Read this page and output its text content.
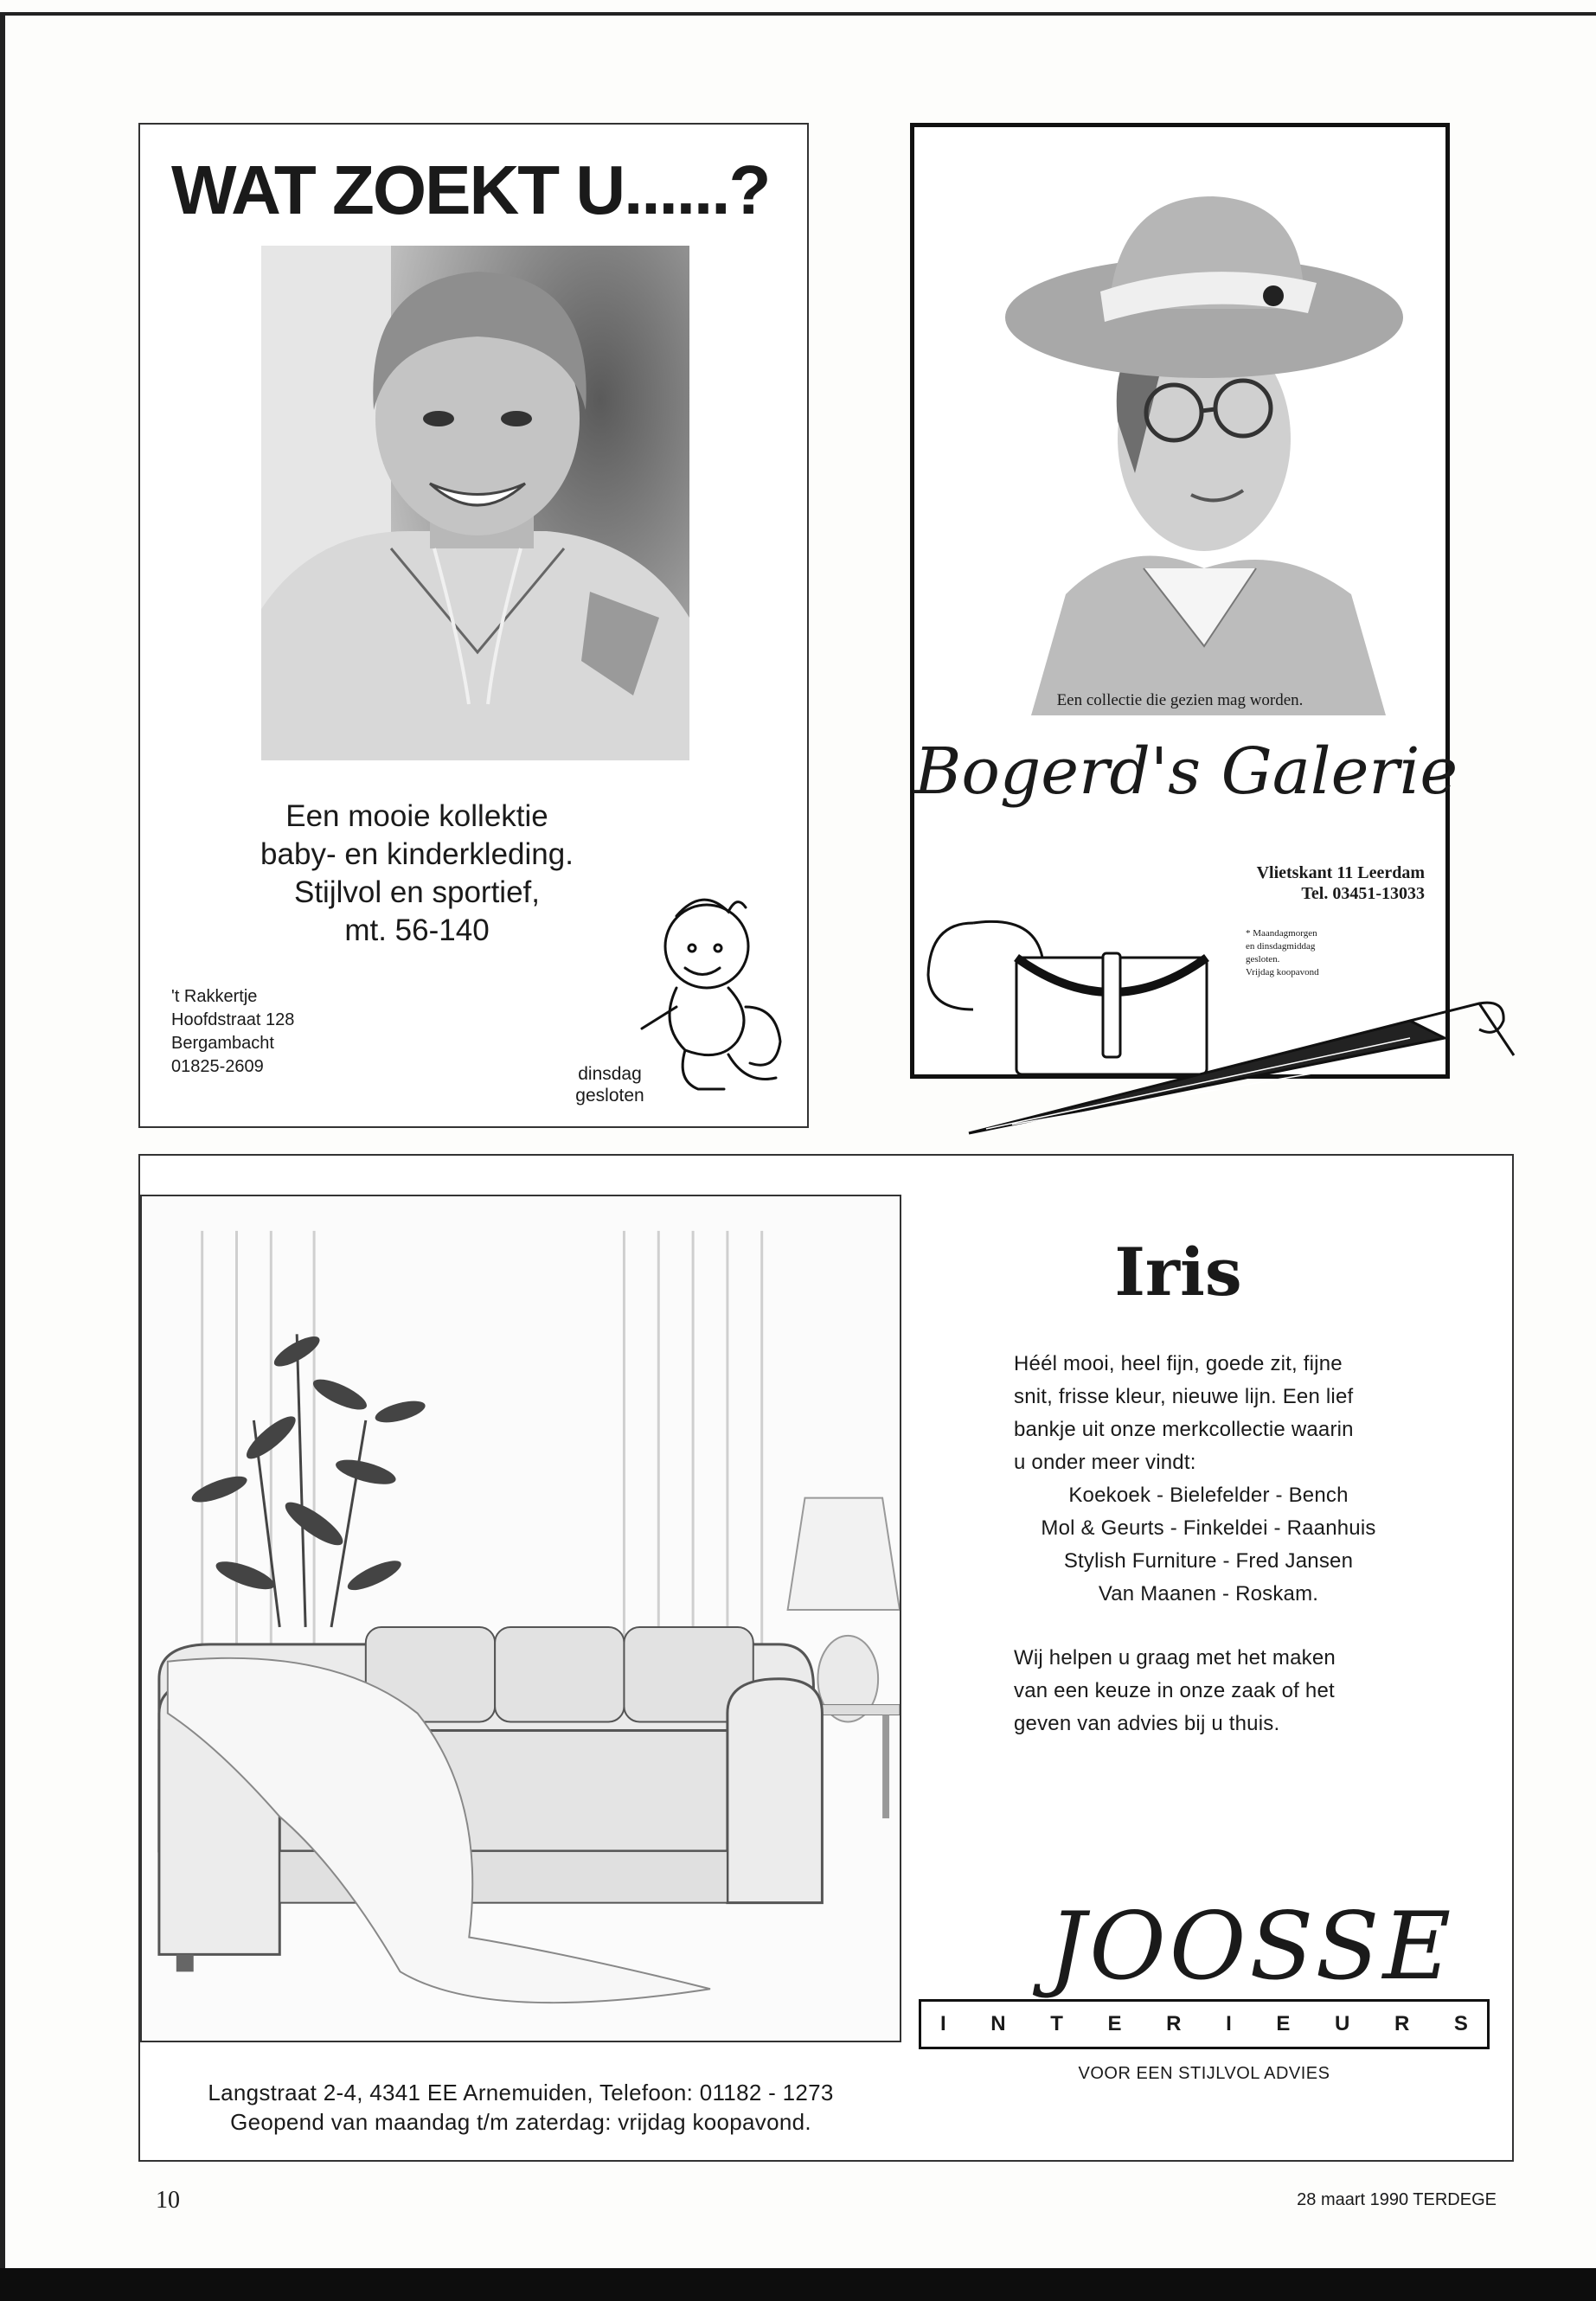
WAT ZOEKT U......?
Een mooie kollektie
baby- en kinderkleding.
Stijlvol en sportief,
mt. 56-140
't Rakkertje
Hoofdstraat 128
Bergambacht
01825-2609	dinsdag
gesloten
Een collectie die gezien mag worden.
Bogerd's Galerie
Vlietskant 11 Leerdam
Tel. 03451-13033
* Maandagmorgen
en dinsdagmiddag
gesloten.
Vrijdag koopavond
Langstraat 2-4, 4341 EE Arnemuiden, Telefoon: 01182 - 1273
Geopend van maandag t/m zaterdag: vrijdag koopavond.
Iris
Héél mooi, heel fijn, goede zit, fijne
snit, frisse kleur, nieuwe lijn. Een lief
bankje uit onze merkcollectie waarin
u onder meer vindt:
Koekoek - Bielefelder - Bench
Mol & Geurts - Finkeldei - Raanhuis
Stylish Furniture - Fred Jansen
Van Maanen - Roskam.
Wij helpen u graag met het maken
van een keuze in onze zaak of het
geven van advies bij u thuis.
JOOSSE
I N T E R I E U R S
VOOR EEN STIJLVOL ADVIES
10	28 maart 1990 TERDEGE
